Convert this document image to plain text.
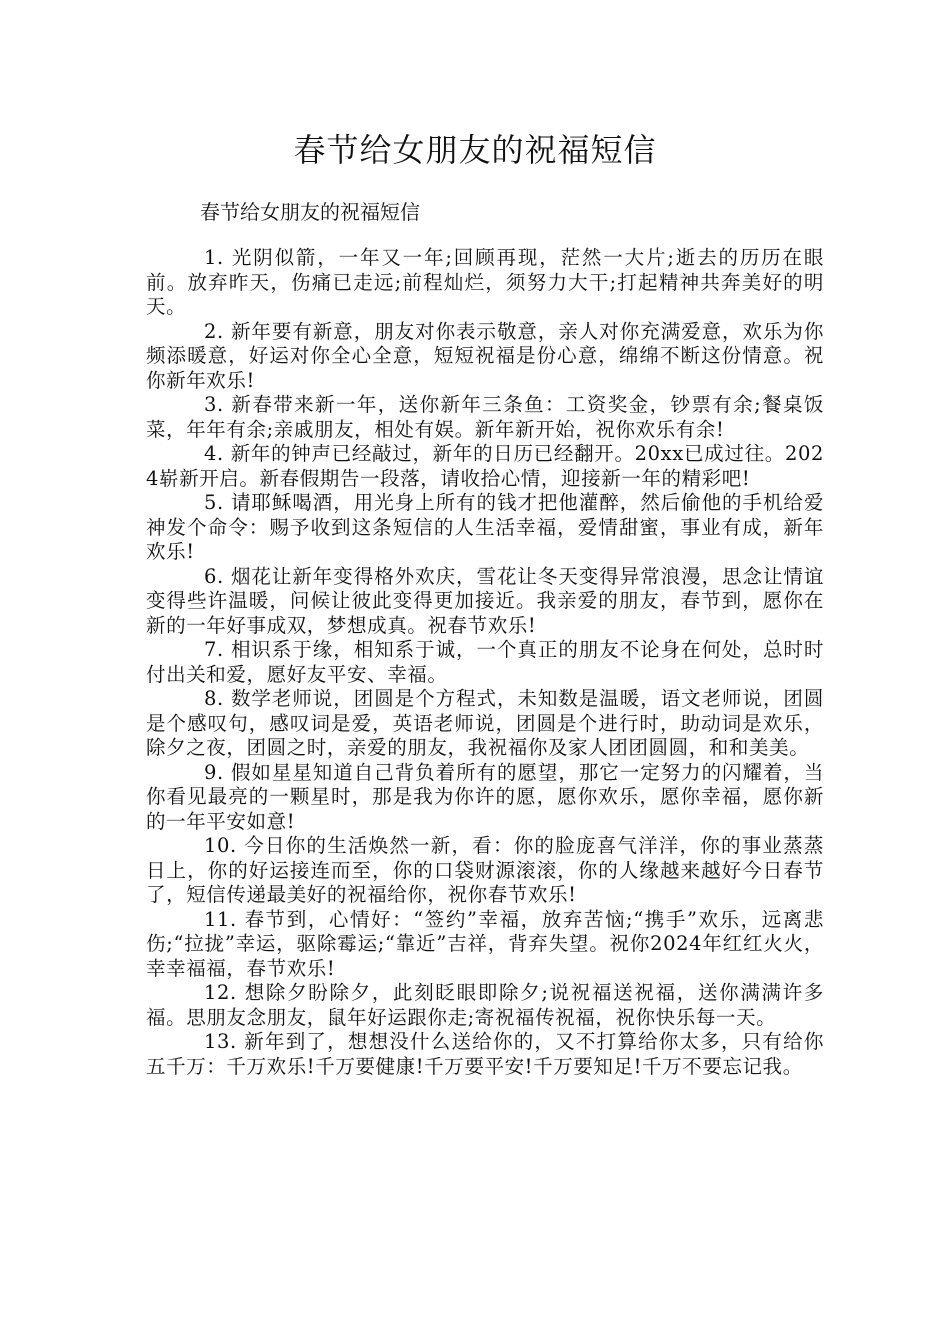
春节给女朋友的祝福短信

春节给女朋友的祝福短信

1. 光阴似箭，一年又一年;回顾再现，茫然一大片;逝去的历历在眼前。放弃昨天，伤痛已走远;前程灿烂，须努力大干;打起精神共奔美好的明天。

2. 新年要有新意，朋友对你表示敬意，亲人对你充满爱意，欢乐为你频添暖意，好运对你全心全意，短短祝福是份心意，绵绵不断这份情意。祝你新年欢乐!

3. 新春带来新一年，送你新年三条鱼：工资奖金，钞票有余;餐桌饭菜，年年有余;亲戚朋友，相处有娱。新年新开始，祝你欢乐有余!

4. 新年的钟声已经敲过，新年的日历已经翻开。20xx已成过往。2024崭新开启。新春假期告一段落，请收拾心情，迎接新一年的精彩吧!

5. 请耶稣喝酒，用光身上所有的钱才把他灌醉，然后偷他的手机给爱神发个命令：赐予收到这条短信的人生活幸福，爱情甜蜜，事业有成，新年欢乐!

6. 烟花让新年变得格外欢庆，雪花让冬天变得异常浪漫，思念让情谊变得些许温暖，问候让彼此变得更加接近。我亲爱的朋友，春节到，愿你在新的一年好事成双，梦想成真。祝春节欢乐!

7. 相识系于缘，相知系于诚，一个真正的朋友不论身在何处，总时时付出关和爱，愿好友平安、幸福。

8. 数学老师说，团圆是个方程式，未知数是温暖，语文老师说，团圆是个感叹句，感叹词是爱，英语老师说，团圆是个进行时，助动词是欢乐，除夕之夜，团圆之时，亲爱的朋友，我祝福你及家人团团圆圆，和和美美。

9. 假如星星知道自己背负着所有的愿望，那它一定努力的闪耀着，当你看见最亮的一颗星时，那是我为你许的愿，愿你欢乐，愿你幸福，愿你新的一年平安如意!

10. 今日你的生活焕然一新，看：你的脸庞喜气洋洋，你的事业蒸蒸日上，你的好运接连而至，你的口袋财源滚滚，你的人缘越来越好今日春节了，短信传递最美好的祝福给你，祝你春节欢乐!

11. 春节到，心情好：“签约”幸福，放弃苦恼;“携手”欢乐，远离悲伤;“拉拢”幸运，驱除霉运;“靠近”吉祥，背弃失望。祝你2024年红红火火，幸幸福福，春节欢乐!

12. 想除夕盼除夕，此刻眨眼即除夕;说祝福送祝福，送你满满许多福。思朋友念朋友，鼠年好运跟你走;寄祝福传祝福，祝你快乐每一天。

13. 新年到了，想想没什么送给你的，又不打算给你太多，只有给你五千万：千万欢乐!千万要健康!千万要平安!千万要知足!千万不要忘记我。
